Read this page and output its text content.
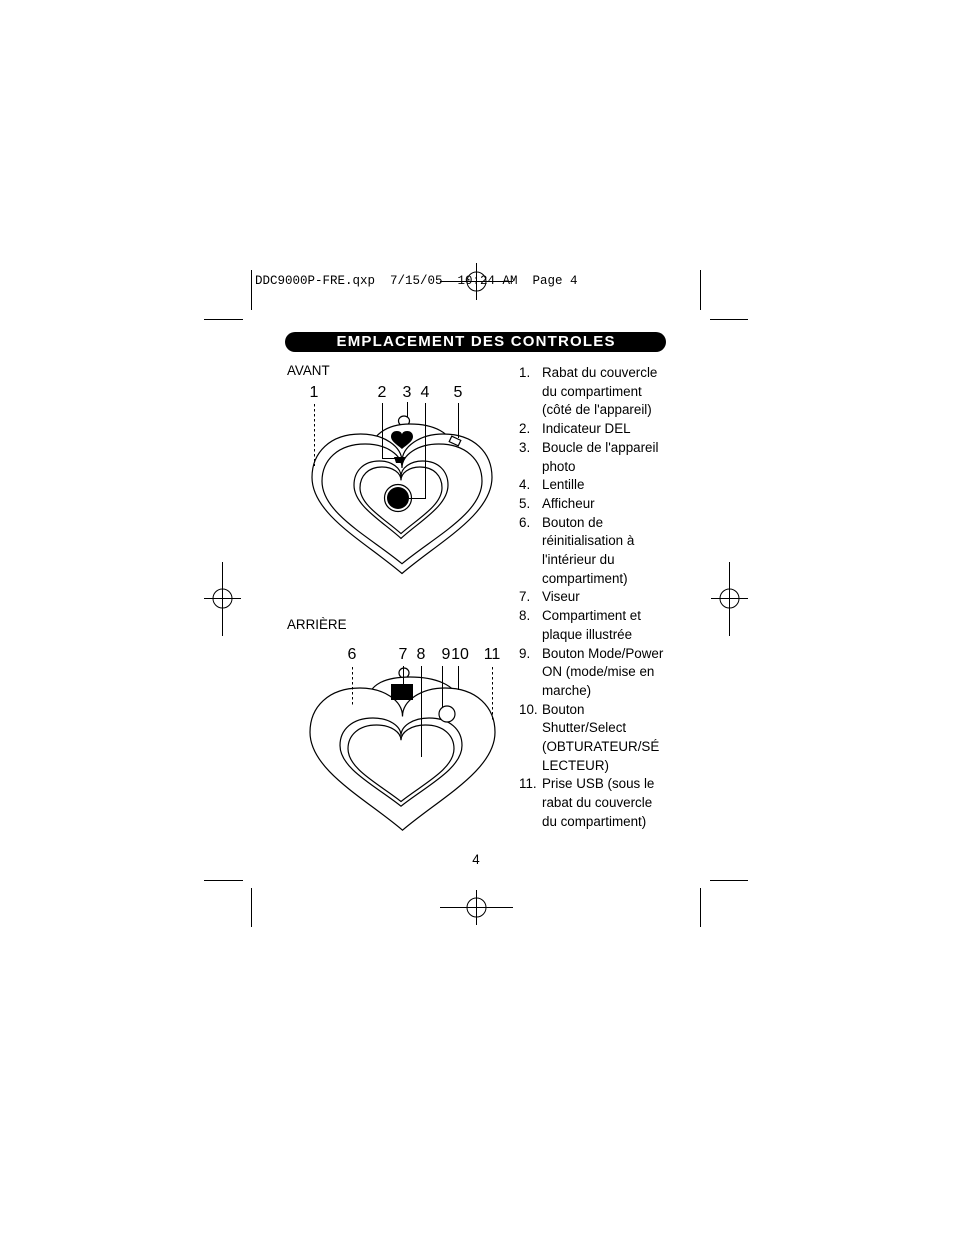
DDC9000P-FRE.qxp  7/15/05  10:24 AM  Page 4
EMPLACEMENT DES CONTROLES
AVANT
ARRIÈRE
1. Rabat du couvercle
du compartiment
(côté de l'appareil)
2. Indicateur DEL
3. Boucle de l'appareil
photo
4. Lentille
5. Afficheur
6. Bouton de
réinitialisation à
l'intérieur du
compartiment)
7. Viseur
8. Compartiment et
plaque illustrée
9. Bouton Mode/Power
ON (mode/mise en
marche)
10. Bouton
Shutter/Select
(OBTURATEUR/SÉ
LECTEUR)
11. Prise USB (sous le
rabat du couvercle
du compartiment)
4
1	2 3 4 5
6	7 8 9 10 11
